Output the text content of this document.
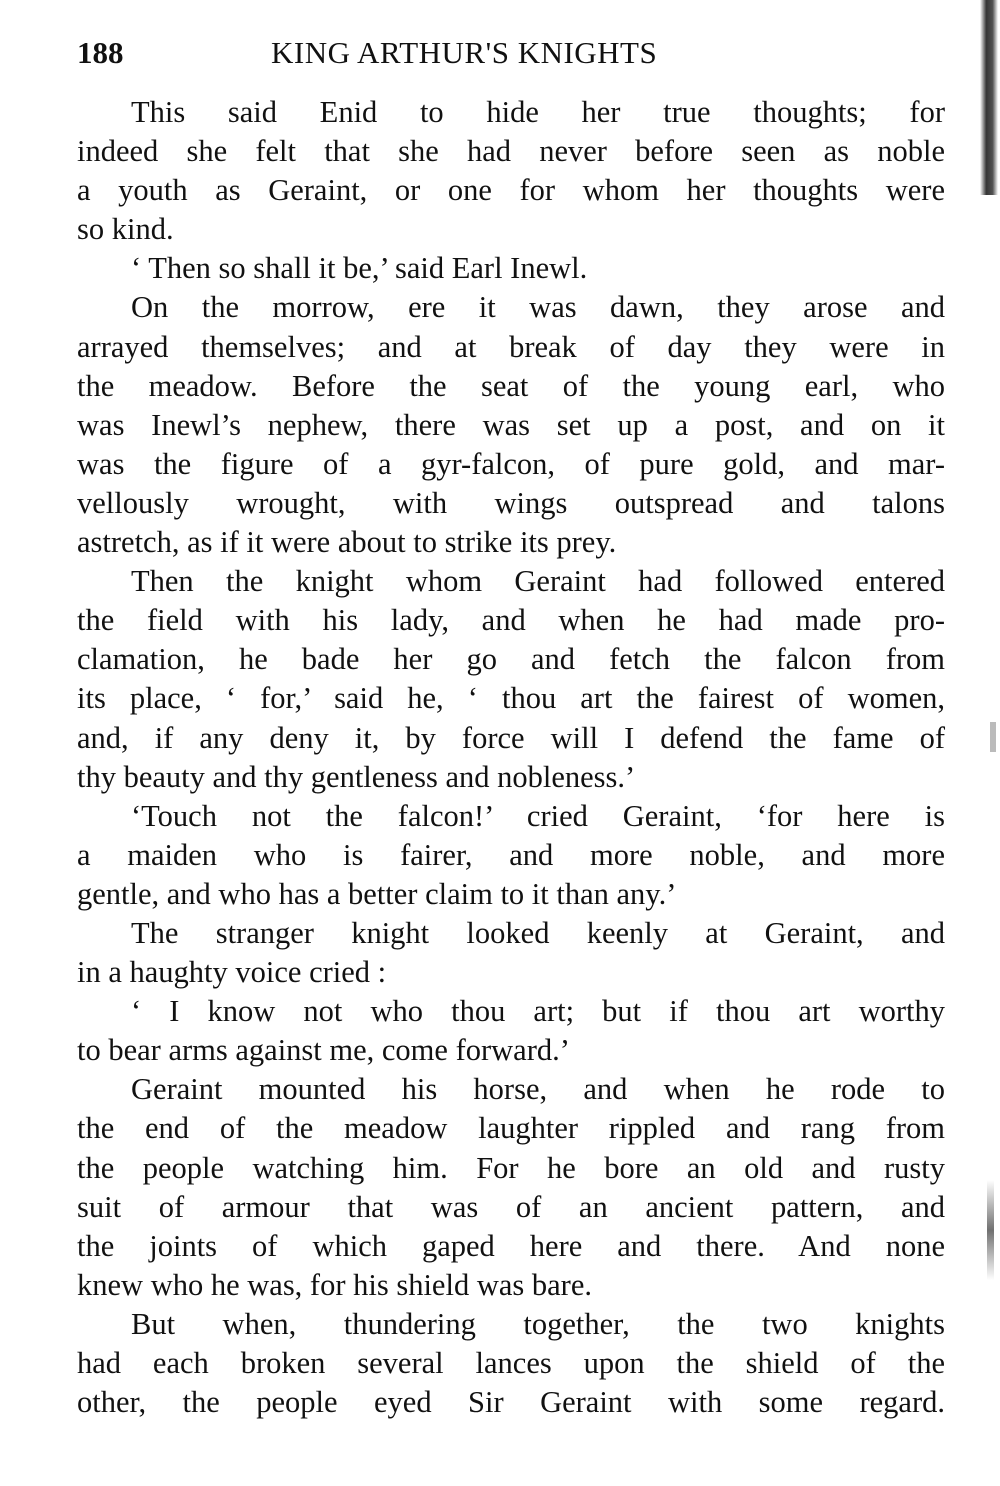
188	KING ARTHUR'S KNIGHTS
This said Enid to hide her true thoughts; for
indeed she felt that she had never before seen as noble
a youth as Geraint, or one for whom her thoughts were
so kind.
‘ Then so shall it be,’ said Earl Inewl.
On the morrow, ere it was dawn, they arose and
arrayed themselves; and at break of day they were in
the meadow. Before the seat of the young earl, who
was Inewl’s nephew, there was set up a post, and on it
was the figure of a gyr-falcon, of pure gold, and mar-
vellously wrought, with wings outspread and talons
astretch, as if it were about to strike its prey.
Then the knight whom Geraint had followed entered
the field with his lady, and when he had made pro-
clamation, he bade her go and fetch the falcon from
its place, ‘ for,’ said he, ‘ thou art the fairest of women,
and, if any deny it, by force will I defend the fame of
thy beauty and thy gentleness and nobleness.’
‘Touch not the falcon!’ cried Geraint, ‘for here is
a maiden who is fairer, and more noble, and more
gentle, and who has a better claim to it than any.’
The stranger knight looked keenly at Geraint, and
in a haughty voice cried :
‘ I know not who thou art; but if thou art worthy
to bear arms against me, come forward.’
Geraint mounted his horse, and when he rode to
the end of the meadow laughter rippled and rang from
the people watching him. For he bore an old and rusty
suit of armour that was of an ancient pattern, and
the joints of which gaped here and there. And none
knew who he was, for his shield was bare.
But when, thundering together, the two knights
had each broken several lances upon the shield of the
other, the people eyed Sir Geraint with some regard.
